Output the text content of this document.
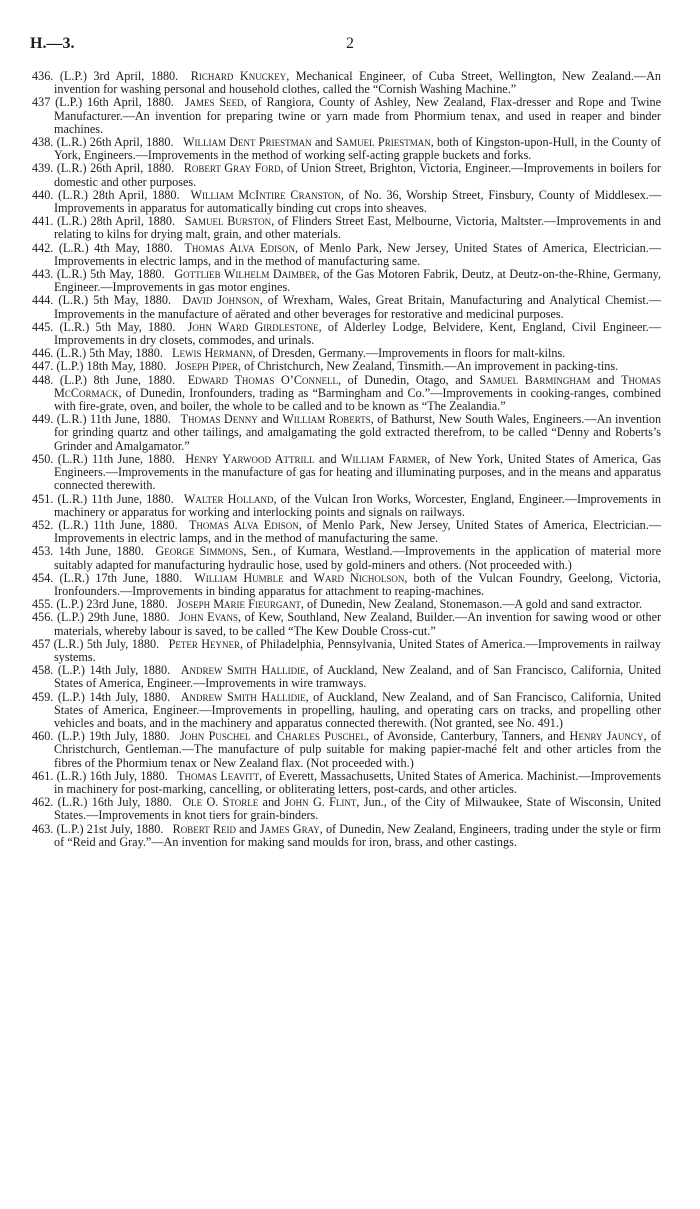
2
H.—3.

436. (L.P.) 3rd April, 1880.  Richard Knuckey, Mechanical Engineer, of Cuba Street, Wellington, New Zealand.—An invention for washing personal and household clothes, called the “Cornish Washing Machine.”

437 (L.P.) 16th April, 1880.  James Seed, of Rangiora, County of Ashley, New Zealand, Flax-dresser and Rope and Twine Manufacturer.—An invention for preparing twine or yarn made from Phormium tenax, and used in reaper and binder machines.

438. (L.R.) 26th April, 1880.  William Dent Priestman and Samuel Priestman, both of Kingston-upon-Hull, in the County of York, Engineers.—Improvements in the method of working self-acting grapple buckets and forks.

439. (L.R.) 26th April, 1880.  Robert Gray Ford, of Union Street, Brighton, Victoria, Engineer.—Improvements in boilers for domestic and other purposes.

440. (L.R.) 28th April, 1880.  William McIntire Cranston, of No. 36, Worship Street, Finsbury, County of Middlesex.—Improvements in apparatus for automatically binding cut crops into sheaves.

441. (L.R.) 28th April, 1880.  Samuel Burston, of Flinders Street East, Melbourne, Victoria, Maltster.—Improvements in and relating to kilns for drying malt, grain, and other materials.

442. (L.R.) 4th May, 1880.  Thomas Alva Edison, of Menlo Park, New Jersey, United States of America, Electrician.—Improvements in electric lamps, and in the method of manufacturing same.

443. (L.R.) 5th May, 1880.  Gottlieb Wilhelm Daimber, of the Gas Motoren Fabrik, Deutz, at Deutz-on-the-Rhine, Germany, Engineer.—Improvements in gas motor engines.

444. (L.R.) 5th May, 1880.  David Johnson, of Wrexham, Wales, Great Britain, Manufacturing and Analytical Chemist.—Improvements in the manufacture of aërated and other beverages for restorative and medicinal purposes.

445. (L.R.) 5th May, 1880.  John Ward Girdlestone, of Alderley Lodge, Belvidere, Kent, England, Civil Engineer.—Improvements in dry closets, commodes, and urinals.

446. (L.R.) 5th May, 1880.  Lewis Hermann, of Dresden, Germany.—Improvements in floors for malt-kilns.

447. (L.P.) 18th May, 1880.  Joseph Piper, of Christchurch, New Zealand, Tinsmith.—An improvement in packing-tins.

448. (L.P.) 8th June, 1880.  Edward Thomas O’Connell, of Dunedin, Otago, and Samuel Barmingham and Thomas McCormack, of Dunedin, Ironfounders, trading as “Barmingham and Co.”—Improvements in cooking-ranges, combined with fire-grate, oven, and boiler, the whole to be called and to be known as “The Zealandia.”

449. (L.R.) 11th June, 1880.  Thomas Denny and William Roberts, of Bathurst, New South Wales, Engineers.—An invention for grinding quartz and other tailings, and amalgamating the gold extracted therefrom, to be called “Denny and Roberts’s Grinder and Amalgamator.”

450. (L.R.) 11th June, 1880.  Henry Yarwood Attrill and William Farmer, of New York, United States of America, Gas Engineers.—Improvements in the manufacture of gas for heating and illuminating purposes, and in the means and apparatus connected therewith.

451. (L.R.) 11th June, 1880.  Walter Holland, of the Vulcan Iron Works, Worcester, England, Engineer.—Improvements in machinery or apparatus for working and interlocking points and signals on railways.

452. (L.R.) 11th June, 1880.  Thomas Alva Edison, of Menlo Park, New Jersey, United States of America, Electrician.—Improvements in electric lamps, and in the method of manufacturing the same.

453. 14th June, 1880.  George Simmons, Sen., of Kumara, Westland.—Improvements in the application of material more suitably adapted for manufacturing hydraulic hose, used by gold-miners and others. (Not proceeded with.)

454. (L.R.) 17th June, 1880.  William Humble and Ward Nicholson, both of the Vulcan Foundry, Geelong, Victoria, Ironfounders.—Improvements in binding apparatus for attachment to reaping-machines.

455. (L.P.) 23rd June, 1880.  Joseph Marie Fieurgant, of Dunedin, New Zealand, Stonemason.—A gold and sand extractor.

456. (L.P.) 29th June, 1880.  John Evans, of Kew, Southland, New Zealand, Builder.—An invention for sawing wood or other materials, whereby labour is saved, to be called “The Kew Double Cross-cut.”

457 (L.R.) 5th July, 1880.  Peter Heyner, of Philadelphia, Pennsylvania, United States of America.—Improvements in railway systems.

458. (L.P.) 14th July, 1880.  Andrew Smith Hallidie, of Auckland, New Zealand, and of San Francisco, California, United States of America, Engineer.—Improvements in wire tramways.

459. (L.P.) 14th July, 1880.  Andrew Smith Hallidie, of Auckland, New Zealand, and of San Francisco, California, United States of America, Engineer.—Improvements in propelling, hauling, and operating cars on tracks, and propelling other vehicles and boats, and in the machinery and apparatus connected therewith. (Not granted, see No. 491.)

460. (L.P.) 19th July, 1880.  John Puschel and Charles Puschel, of Avonside, Canterbury, Tanners, and Henry Jauncy, of Christchurch, Gentleman.—The manufacture of pulp suitable for making papier-maché felt and other articles from the fibres of the Phormium tenax or New Zealand flax. (Not proceeded with.)

461. (L.R.) 16th July, 1880.  Thomas Leavitt, of Everett, Massachusetts, United States of America. Machinist.—Improvements in machinery for post-marking, cancelling, or obliterating letters, post-cards, and other articles.

462. (L.R.) 16th July, 1880.  Ole O. Storle and John G. Flint, Jun., of the City of Milwaukee, State of Wisconsin, United States.—Improvements in knot tiers for grain-binders.

463. (L.P.) 21st July, 1880.  Robert Reid and James Gray, of Dunedin, New Zealand, Engineers, trading under the style or firm of “Reid and Gray.”—An invention for making sand moulds for iron, brass, and other castings.
